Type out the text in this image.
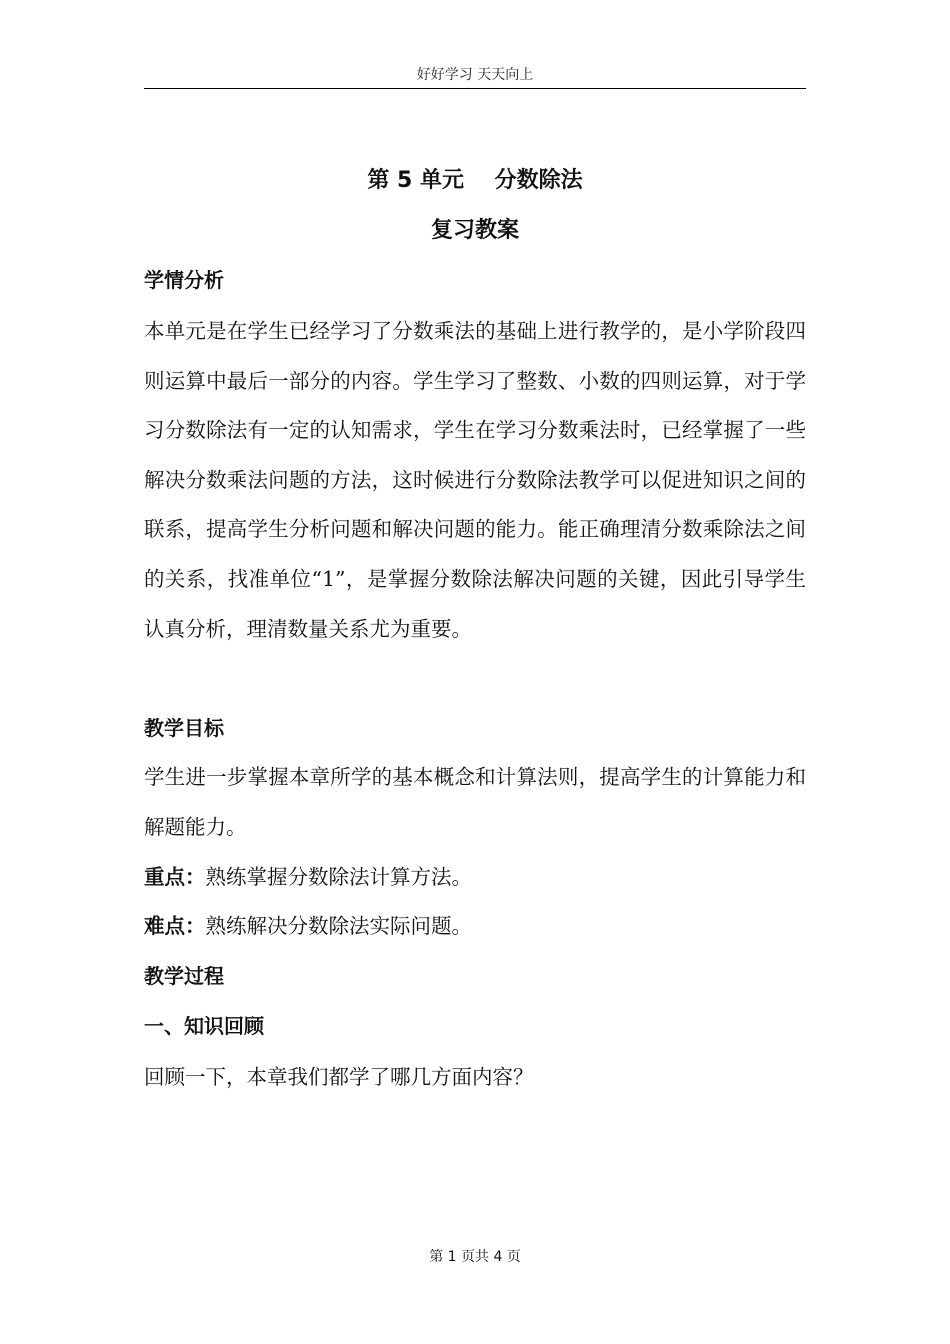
好好学习 天天向上
第 5 单元    分数除法
复习教案
学情分析

本单元是在学生已经学习了分数乘法的基础上进行教学的，是小学阶段四则运算中最后一部分的内容。学生学习了整数、小数的四则运算，对于学习分数除法有一定的认知需求，学生在学习分数乘法时，已经掌握了一些解决分数乘法问题的方法，这时候进行分数除法教学可以促进知识之间的联系，提高学生分析问题和解决问题的能力。能正确理清分数乘除法之间的关系，找准单位“1”，是掌握分数除法解决问题的关键，因此引导学生认真分析，理清数量关系尤为重要。

教学目标

学生进一步掌握本章所学的基本概念和计算法则，提高学生的计算能力和解题能力。

重点：熟练掌握分数除法计算方法。
难点：熟练解决分数除法实际问题。
教学过程
一、知识回顾
回顾一下，本章我们都学了哪几方面内容？
第 1 页共 4 页
